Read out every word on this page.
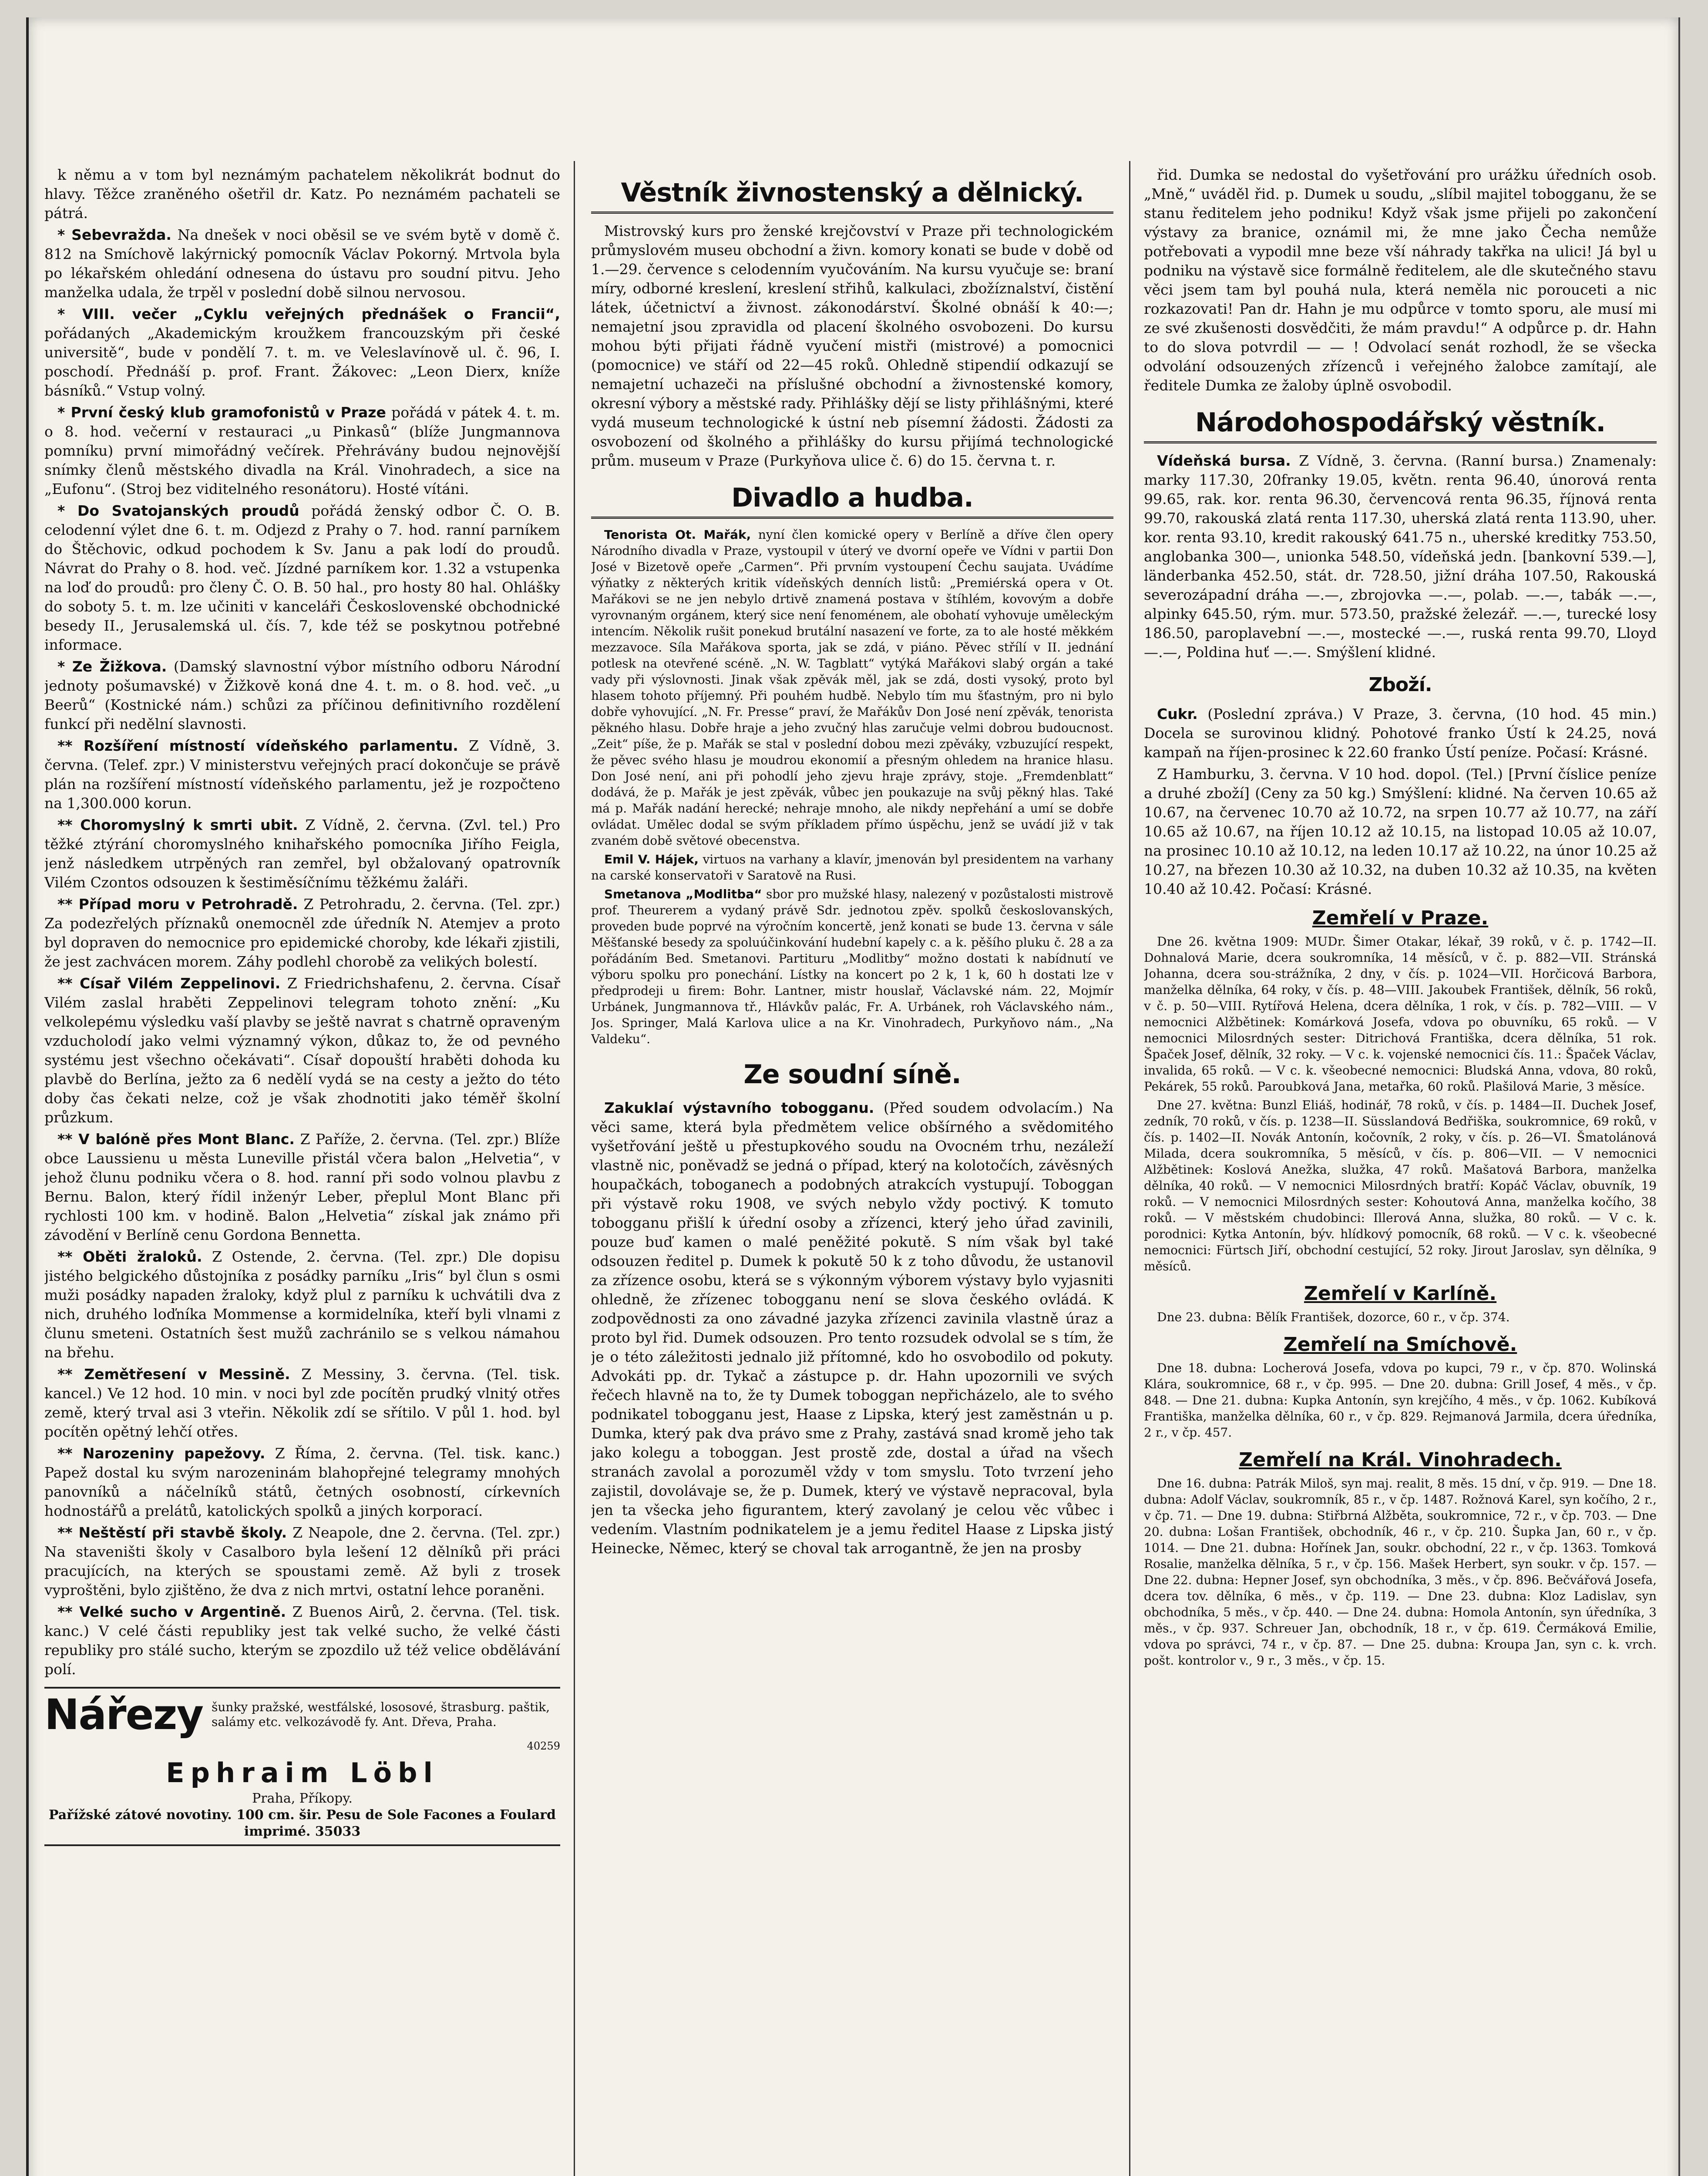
k němu a v tom byl neznámým pachatelem několikrát bodnut do hlavy. Těžce zraněného ošetřil dr. Katz. Po neznámém pachateli se pátrá.

* Sebevražda. Na dnešek v noci oběsil se ve svém bytě v domě č. 812 na Smíchově lakýrnický pomocník Václav Pokorný. Mrtvola byla po lékařském ohledání odnesena do ústavu pro soudní pitvu. Jeho manželka udala, že trpěl v poslední době silnou nervosou.

* VIII. večer „Cyklu veřejných přednášek o Francii“, pořádaných „Akademickým kroužkem francouzským při české universitě“, bude v pondělí 7. t. m. ve Veleslavínově ul. č. 96, I. poschodí. Přednáší p. prof. Frant. Žákovec: „Leon Dierx, kníže básníků.“ Vstup volný.

* První český klub gramofonistů v Praze pořádá v pátek 4. t. m. o 8. hod. večerní v restauraci „u Pinkasů“ (blíže Jungmannova pomníku) první mimořádný večírek. Přehrávány budou nejnovější snímky členů městského divadla na Král. Vinohradech, a sice na „Eufonu“. (Stroj bez viditelného resonátoru). Hosté vítáni.

* Do Svatojanských proudů pořádá ženský odbor Č. O. B. celodenní výlet dne 6. t. m. Odjezd z Prahy o 7. hod. ranní parníkem do Štěchovic, odkud pochodem k Sv. Janu a pak lodí do proudů. Návrat do Prahy o 8. hod. več. Jízdné parníkem kor. 1.32 a vstupenka na loď do proudů: pro členy Č. O. B. 50 hal., pro hosty 80 hal. Ohlášky do soboty 5. t. m. lze učiniti v kanceláři Československé obchodnické besedy II., Jerusalemská ul. čís. 7, kde též se poskytnou potřebné informace.

* Ze Žižkova. (Damský slavnostní výbor místního odboru Národní jednoty pošumavské) v Žižkově koná dne 4. t. m. o 8. hod. več. „u Beerů“ (Kostnické nám.) schůzi za příčinou definitivního rozdělení funkcí při nedělní slavnosti.

** Rozšíření místností vídeňského parlamentu. Z Vídně, 3. června. (Telef. zpr.) V ministerstvu veřejných prací dokončuje se právě plán na rozšíření místností vídeňského parlamentu, jež je rozpočteno na 1,300.000 korun.

** Choromyslný k smrti ubit. Z Vídně, 2. června. (Zvl. tel.) Pro těžké ztýrání choromyslného knihařského pomocníka Jiřího Feigla, jenž následkem utrpěných ran zemřel, byl obžalovaný opatrovník Vilém Czontos odsouzen k šestiměsíčnímu těžkému žaláři.

** Případ moru v Petrohradě. Z Petrohradu, 2. června. (Tel. zpr.) Za podezřelých příznaků onemocněl zde úředník N. Atemjev a proto byl dopraven do nemocnice pro epidemické choroby, kde lékaři zjistili, že jest zachvácen morem. Záhy podlehl chorobě za velikých bolestí.

** Císař Vilém Zeppelinovi. Z Friedrichshafenu, 2. června. Císař Vilém zaslal hraběti Zeppelinovi telegram tohoto znění: „Ku velkolepému výsledku vaší plavby se ještě navrat s chatrně opraveným vzducholodí jako velmi významný výkon, důkaz to, že od pevného systému jest všechno očekávati“. Císař dopouští hraběti dohoda ku plavbě do Berlína, ježto za 6 nedělí vydá se na cesty a ježto do této doby čas čekati nelze, což je však zhodnotiti jako téměř školní průzkum.

** V balóně přes Mont Blanc. Z Paříže, 2. června. (Tel. zpr.) Blíže obce Laussienu u města Luneville přistál včera balon „Helvetia“, v jehož člunu podniku včera o 8. hod. ranní při sodo volnou plavbu z Bernu. Balon, který řídil inženýr Leber, přeplul Mont Blanc při rychlosti 100 km. v hodině. Balon „Helvetia“ získal jak známo při závodění v Berlíně cenu Gordona Bennetta.

** Oběti žraloků. Z Ostende, 2. června. (Tel. zpr.) Dle dopisu jistého belgického důstojníka z posádky parníku „Iris“ byl člun s osmi muži posádky napaden žraloky, když plul z parníku k uchvátili dva z nich, druhého loďníka Mommense a kormidelníka, kteří byli vlnami z člunu smeteni. Ostatních šest mužů zachránilo se s velkou námahou na břehu.

** Zemětřesení v Messině. Z Messiny, 3. června. (Tel. tisk. kancel.) Ve 12 hod. 10 min. v noci byl zde pocítěn prudký vlnitý otřes země, který trval asi 3 vteřin. Několik zdí se sřítilo. V půl 1. hod. byl pocítěn opětný lehčí otřes.

** Narozeniny papežovy. Z Říma, 2. června. (Tel. tisk. kanc.) Papež dostal ku svým narozeninám blahopřejné telegramy mnohých panovníků a náčelníků států, četných osobností, církevních hodnostářů a prelátů, katolických spolků a jiných korporací.

** Neštěstí při stavbě školy. Z Neapole, dne 2. června. (Tel. zpr.) Na staveništi školy v Casalboro byla lešení 12 dělníků při práci pracujících, na kterých se spoustami země. Až byli z trosek vyproštěni, bylo zjištěno, že dva z nich mrtvi, ostatní lehce poraněni.

** Velké sucho v Argentině. Z Buenos Airů, 2. června. (Tel. tisk. kanc.) V celé části republiky jest tak velké sucho, že velké části republiky pro stálé sucho, kterým se zpozdilo už též velice obdělávání polí.

Nářezy šunky pražské, westfálské, lososové, štrasburg. paštik, salámy etc. velkozávodě fy. Ant. Dřeva, Praha.
40259
Ephraim Löbl
Praha, Příkopy.
Pařížské zátové novotiny. 100 cm. šir. Pesu de Sole Facones a Foulard imprimé. 35033
Věstník živnostenský a dělnický.

Mistrovský kurs pro ženské krejčovství v Praze při technologickém průmyslovém museu obchodní a živn. komory konati se bude v době od 1.—29. července s celodenním vyučováním. Na kursu vyučuje se: braní míry, odborné kreslení, kreslení střihů, kalkulaci, zbožíznalství, čistění látek, účetnictví a živnost. zákonodárství. Školné obnáší k 40:—; nemajetní jsou zpravidla od placení školného osvobozeni. Do kursu mohou býti přijati řádně vyučení mistři (mistrové) a pomocnici (pomocnice) ve stáří od 22—45 roků. Ohledně stipendií odkazují se nemajetní uchazeči na příslušné obchodní a živnostenské komory, okresní výbory a městské rady. Přihlášky dějí se listy přihlášnými, které vydá museum technologické k ústní neb písemní žádosti. Žádosti za osvobození od školného a přihlášky do kursu přijímá technologické prům. museum v Praze (Purkyňova ulice č. 6) do 15. června t. r.

Divadlo a hudba.

Tenorista Ot. Mařák, nyní člen komické opery v Berlíně a dříve člen opery Národního divadla v Praze, vystoupil v úterý ve dvorní opeře ve Vídni v partii Don José v Bizetově opeře „Carmen“. Při prvním vystoupení Čechu saujata. Uvádíme výňatky z některých kritik vídeňských denních listů: „Premiérská opera v Ot. Mařákovi se ne jen nebylo drtivě znamená postava v štíhlém, kovovým a dobře vyrovnaným orgánem, který sice není fenoménem, ale obohatí vyhovuje uměleckým intencím. Několik rušit ponekud brutální nasazení ve forte, za to ale hosté měkkém mezzavoce. Síla Mařákova sporta, jak se zdá, v piáno. Pěvec střílí v II. jednání potlesk na otevřené scéně. „N. W. Tagblatt“ vytýká Mařákovi slabý orgán a také vady při výslovnosti. Jinak však zpěvák měl, jak se zdá, dosti vysoký, proto byl hlasem tohoto příjemný. Při pouhém hudbě. Nebylo tím mu šťastným, pro ni bylo dobře vyhovující. „N. Fr. Presse“ praví, že Mařákův Don José není zpěvák, tenorista pěkného hlasu. Dobře hraje a jeho zvučný hlas zaručuje velmi dobrou budoucnost. „Zeit“ píše, že p. Mařák se stal v poslední dobou mezi zpěváky, vzbuzující respekt, že pěvec svého hlasu je moudrou ekonomií a přesným ohledem na hranice hlasu. Don José není, ani při pohodlí jeho zjevu hraje zprávy, stoje. „Fremdenblatt“ dodává, že p. Mařák je jest zpěvák, vůbec jen poukazuje na svůj pěkný hlas. Také má p. Mařák nadání herecké; nehraje mnoho, ale nikdy nepřehání a umí se dobře ovládat. Umělec dodal se svým příkladem přímo úspěchu, jenž se uvádí již v tak zvaném době světové obecenstva.

Emil V. Hájek, virtuos na varhany a klavír, jmenován byl presidentem na varhany na carské konservatoři v Saratově na Rusi.

Smetanova „Modlitba“ sbor pro mužské hlasy, nalezený v pozůstalosti mistrově prof. Theurerem a vydaný právě Sdr. jednotou zpěv. spolků českoslovanských, proveden bude poprvé na výročním koncertě, jenž konati se bude 13. června v sále Měšťanské besedy za spoluúčinkování hudební kapely c. a k. pěšího pluku č. 28 a za pořádáním Bed. Smetanovi. Partituru „Modlitby“ možno dostati k nabídnutí ve výboru spolku pro ponechání. Lístky na koncert po 2 k, 1 k, 60 h dostati lze v předprodeji u firem: Bohr. Lantner, mistr houslař, Václavské nám. 22, Mojmír Urbánek, Jungmannova tř., Hlávkův palác, Fr. A. Urbánek, roh Václavského nám., Jos. Springer, Malá Karlova ulice a na Kr. Vinohradech, Purkyňovo nám., „Na Valdeku“.

Ze soudní síně.

Zakuklaí výstavního tobogganu. (Před soudem odvolacím.) Na věci same, která byla předmětem velice obšírného a svědomitého vyšetřování ještě u přestupkového soudu na Ovocném trhu, nezáleží vlastně nic, poněvadž se jedná o případ, který na kolotočích, závěsných houpačkách, toboganech a podobných atrakcích vystupují. Toboggan při výstavě roku 1908, ve svých nebylo vždy poctivý. K tomuto tobogganu přišlí k úřední osoby a zřízenci, který jeho úřad zavinili, pouze buď kamen o malé peněžité pokutě. S ním však byl také odsouzen ředitel p. Dumek k pokutě 50 k z toho důvodu, že ustanovil za zřízence osobu, která se s výkonným výborem výstavy bylo vyjasniti ohledně, že zřízenec tobogganu není se slova českého ovládá. K zodpovědnosti za ono závadné jazyka zřízenci zavinila vlastně úraz a proto byl řid. Dumek odsouzen. Pro tento rozsudek odvolal se s tím, že je o této záležitosti jednalo již přítomné, kdo ho osvobodilo od pokuty. Advokáti pp. dr. Tykač a zástupce p. dr. Hahn upozornili ve svých řečech hlavně na to, že ty Dumek toboggan nepřicházelo, ale to svého podnikatel tobogganu jest, Haase z Lipska, který jest zaměstnán u p. Dumka, který pak dva právo sme z Prahy, zastává snad kromě jeho tak jako kolegu a toboggan. Jest prostě zde, dostal a úřad na všech stranách zavolal a porozuměl vždy v tom smyslu. Toto tvrzení jeho zajistil, dovolávaje se, že p. Dumek, který ve výstavě nepracoval, byla jen ta všecka jeho figurantem, který zavolaný je celou věc vůbec i vedením. Vlastním podnikatelem je a jemu ředitel Haase z Lipska jistý Heinecke, Němec, který se choval tak arrogantně, že jen na prosby

řid. Dumka se nedostal do vyšetřování pro urážku úředních osob. „Mně,“ uváděl řid. p. Dumek u soudu, „slíbil majitel tobogganu, že se stanu ředitelem jeho podniku! Když však jsme přijeli po zakončení výstavy za branice, oznámil mi, že mne jako Čecha nemůže potřebovati a vypodil mne beze vší náhrady takřka na ulici! Já byl u podniku na výstavě sice formálně ředitelem, ale dle skutečného stavu věci jsem tam byl pouhá nula, která neměla nic porouceti a nic rozkazovati! Pan dr. Hahn je mu odpůrce v tomto sporu, ale musí mi ze své zkušenosti dosvědčiti, že mám pravdu!“ A odpůrce p. dr. Hahn to do slova potvrdil — — ! Odvolací senát rozhodl, že se všecka odvolání odsouzených zřízenců i veřejného žalobce zamítají, ale ředitele Dumka ze žaloby úplně osvobodil.

Národohospodářský věstník.

Vídeňská bursa. Z Vídně, 3. června. (Ranní bursa.) Znamenaly: marky 117.30, 20franky 19.05, květn. renta 96.40, únorová renta 99.65, rak. kor. renta 96.30, červencová renta 96.35, říjnová renta 99.70, rakouská zlatá renta 117.30, uherská zlatá renta 113.90, uher. kor. renta 93.10, kredit rakouský 641.75 n., uherské kreditky 753.50, anglobanka 300—, unionka 548.50, vídeňská jedn. [bankovní 539.—], länderbanka 452.50, stát. dr. 728.50, jižní dráha 107.50, Rakouská severozápadní dráha —.—, zbrojovka —.—, polab. —.—, tabák —.—, alpinky 645.50, rým. mur. 573.50, pražské železář. —.—, turecké losy 186.50, paroplavební —.—, mostecké —.—, ruská renta 99.70, Lloyd —.—, Poldina huť —.—. Smýšlení klidné.

Zboží.

Cukr. (Poslední zpráva.) V Praze, 3. června, (10 hod. 45 min.) Docela se surovinou klidný. Pohotové franko Ústí k 24.25, nová kampaň na říjen-prosinec k 22.60 franko Ústí peníze. Počasí: Krásné.

Z Hamburku, 3. června. V 10 hod. dopol. (Tel.) [První číslice peníze a druhé zboží] (Ceny za 50 kg.) Smýšlení: klidné. Na červen 10.65 až 10.67, na červenec 10.70 až 10.72, na srpen 10.77 až 10.77, na září 10.65 až 10.67, na říjen 10.12 až 10.15, na listopad 10.05 až 10.07, na prosinec 10.10 až 10.12, na leden 10.17 až 10.22, na únor 10.25 až 10.27, na březen 10.30 až 10.32, na duben 10.32 až 10.35, na květen 10.40 až 10.42. Počasí: Krásné.

Zemřelí v Praze.

Dne 26. května 1909: MUDr. Šimer Otakar, lékař, 39 roků, v č. p. 1742—II. Dohnalová Marie, dcera soukromníka, 14 měsíců, v č. p. 882—VII. Stránská Johanna, dcera sou-strážníka, 2 dny, v čís. p. 1024—VII. Horčicová Barbora, manželka dělníka, 64 roky, v čís. p. 48—VIII. Jakoubek František, dělník, 56 roků, v č. p. 50—VIII. Rytířová Helena, dcera dělníka, 1 rok, v čís. p. 782—VIII. — V nemocnici Alžbětinek: Komárková Josefa, vdova po obuvníku, 65 roků. — V nemocnici Milosrdných sester: Ditrichová Františka, dcera dělníka, 51 rok. Špaček Josef, dělník, 32 roky. — V c. k. vojenské nemocnici čís. 11.: Špaček Václav, invalida, 65 roků. — V c. k. všeobecné nemocnici: Bludská Anna, vdova, 80 roků, Pekárek, 55 roků. Paroubková Jana, metařka, 60 roků. Plašilová Marie, 3 měsíce.

Dne 27. května: Bunzl Eliáš, hodinář, 78 roků, v čís. p. 1484—II. Duchek Josef, zedník, 70 roků, v čís. p. 1238—II. Süsslandová Bedřiška, soukromnice, 69 roků, v čís. p. 1402—II. Novák Antonín, kočovník, 2 roky, v čís. p. 26—VI. Šmatolánová Milada, dcera soukromníka, 5 měsíců, v čís. p. 806—VII. — V nemocnici Alžbětinek: Koslová Anežka, služka, 47 roků. Mašatová Barbora, manželka dělníka, 40 roků. — V nemocnici Milosrdných bratří: Kopáč Václav, obuvník, 19 roků. — V nemocnici Milosrdných sester: Kohoutová Anna, manželka kočího, 38 roků. — V městském chudobinci: Illerová Anna, služka, 80 roků. — V c. k. porodnici: Kytka Antonín, býv. hlídkový pomocník, 68 roků. — V c. k. všeobecné nemocnici: Fürtsch Jiří, obchodní cestující, 52 roky. Jirout Jaroslav, syn dělníka, 9 měsíců.

Zemřelí v Karlíně.

Dne 23. dubna: Bělík František, dozorce, 60 r., v čp. 374.

Zemřelí na Smíchově.

Dne 18. dubna: Locherová Josefa, vdova po kupci, 79 r., v čp. 870. Wolinská Klára, soukromnice, 68 r., v čp. 995. — Dne 20. dubna: Grill Josef, 4 měs., v čp. 848. — Dne 21. dubna: Kupka Antonín, syn krejčího, 4 měs., v čp. 1062. Kubíková Františka, manželka dělníka, 60 r., v čp. 829. Rejmanová Jarmila, dcera úředníka, 2 r., v čp. 457.

Zemřelí na Král. Vinohradech.

Dne 16. dubna: Patrák Miloš, syn maj. realit, 8 měs. 15 dní, v čp. 919. — Dne 18. dubna: Adolf Václav, soukromník, 85 r., v čp. 1487. Rožnová Karel, syn kočího, 2 r., v čp. 71. — Dne 19. dubna: Stiřbrná Alžběta, soukromnice, 72 r., v čp. 703. — Dne 20. dubna: Lošan František, obchodník, 46 r., v čp. 210. Šupka Jan, 60 r., v čp. 1014. — Dne 21. dubna: Hořínek Jan, soukr. obchodní, 22 r., v čp. 1363. Tomková Rosalie, manželka dělníka, 5 r., v čp. 156. Mašek Herbert, syn soukr. v čp. 157. — Dne 22. dubna: Hepner Josef, syn obchodníka, 3 měs., v čp. 896. Bečvářová Josefa, dcera tov. dělníka, 6 měs., v čp. 119. — Dne 23. dubna: Kloz Ladislav, syn obchodníka, 5 měs., v čp. 440. — Dne 24. dubna: Homola Antonín, syn úředníka, 3 měs., v čp. 937. Schreuer Jan, obchodník, 18 r., v čp. 619. Čermáková Emilie, vdova po správci, 74 r., v čp. 87. — Dne 25. dubna: Kroupa Jan, syn c. k. vrch. pošt. kontrolor v., 9 r., 3 měs., v čp. 15.
